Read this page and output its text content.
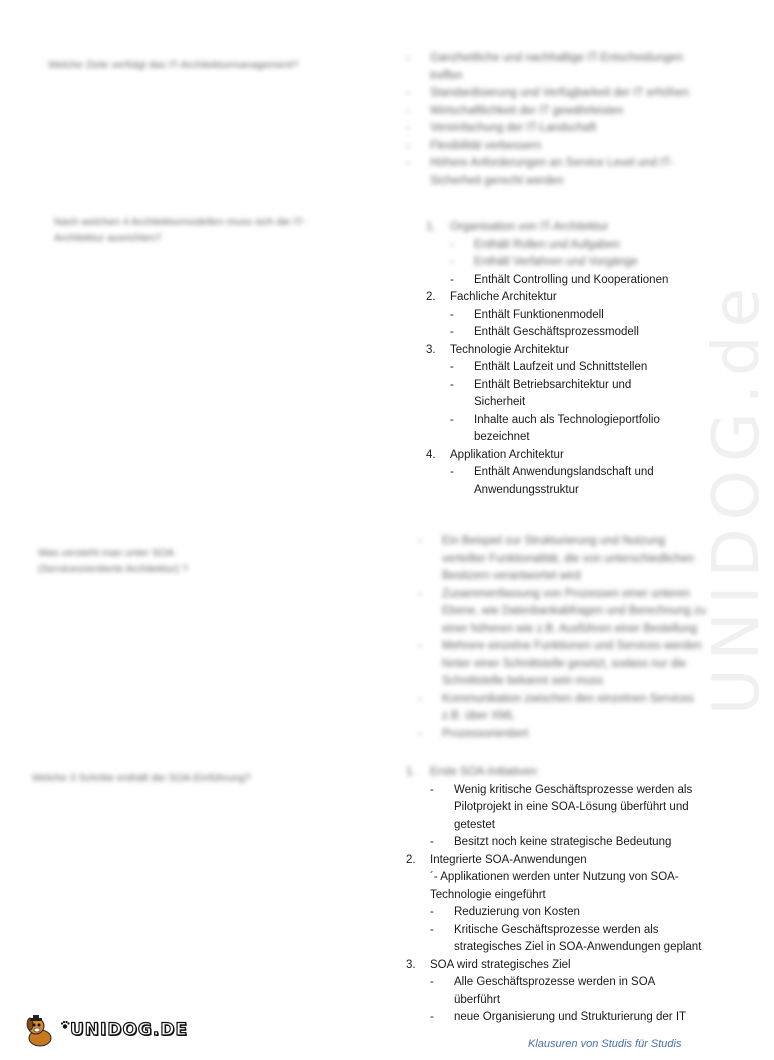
UNIDOG.de
Welche Ziele verfolgt das IT-Architekturmanagement?
- Ganzheitliche und nachhaltige IT-Entscheidungen treffen
- Standardisierung und Verfügbarkeit der IT erhöhen
- Wirtschaftlichkeit der IT gewährleisten
- Vereinfachung der IT-Landschaft
- Flexibilität verbessern
- Höhere Anforderungen an Service Level und IT-Sicherheit gerecht werden
Nach welchen 4 Architekturmodellen muss sich die IT-Architektur ausrichten?
1. Organisation von IT-Architektur
- Enthält Rollen und Aufgaben
- Enthält Verfahren und Vorgänge
- Enthält Controlling und Kooperationen
2. Fachliche Architektur
- Enthält Funktionenmodell
- Enthält Geschäftsprozessmodell
3. Technologie Architektur
- Enthält Laufzeit und Schnittstellen
- Enthält Betriebsarchitektur und Sicherheit
- Inhalte auch als Technologieportfolio bezeichnet
4. Applikation Architektur
- Enthält Anwendungslandschaft und Anwendungsstruktur
Was versteht man unter SOA (Serviceorientierte Architektur) ?
- Ein Beispiel zur Strukturierung und Nutzung verteilter Funktionalität, die von unterschiedlichen Besitzern verantwortet wird
- Zusammenfassung von Prozessen einer unteren Ebene, wie Datenbankabfragen und Berechnung zu einer höheren wie z.B. Ausführen einer Bestellung
- Mehrere einzelne Funktionen und Services werden hinter einer Schnittstelle gesetzt, sodass nur die Schnittstelle bekannt sein muss
- Kommunikation zwischen den einzelnen Services z.B. über XML
- Prozessorientiert
Welche 3 Schritte enthält die SOA-Einführung?	1. Erste SOA-Initiativen
- Wenig kritische Geschäftsprozesse werden als Pilotprojekt in eine SOA-Lösung überführt und getestet
- Besitzt noch keine strategische Bedeutung
2. Integrierte SOA-Anwendungen
´- Applikationen werden unter Nutzung von SOA-Technologie eingeführt
- Reduzierung von Kosten
- Kritische Geschäftsprozesse werden als strategisches Ziel in SOA-Anwendungen geplant
3. SOA wird strategisches Ziel
- Alle Geschäftsprozesse werden in SOA überführt
- neue Organisierung und Strukturierung der IT
UNIDOG.DE
Klausuren von Studis für Studis
